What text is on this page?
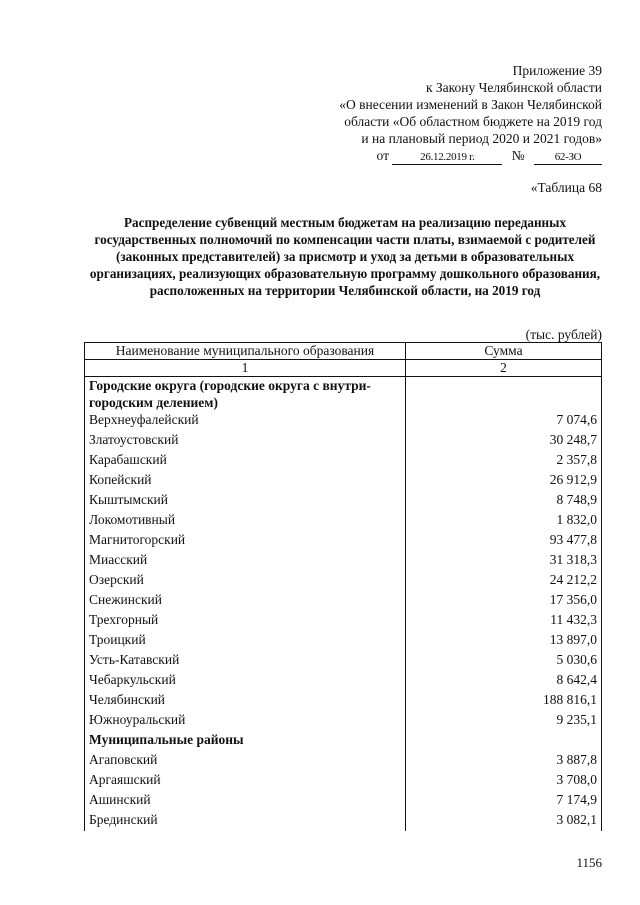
Приложение 39
к Закону Челябинской области
«О внесении изменений в Закон Челябинской
области «Об областном бюджете на 2019 год
и на плановый период 2020 и 2021 годов»
от	26.12.2019 г.	№	62-ЗО
«Таблица 68
Распределение субвенций местным бюджетам на реализацию переданных государственных полномочий по компенсации части платы, взимаемой с родителей (законных представителей) за присмотр и уход за детьми в образовательных организациях, реализующих образовательную программу дошкольного образования, расположенных на территории Челябинской области, на 2019 год
(тыс. рублей)
Наименование муниципального образования	Сумма
1	2
Городские округа (городские округа с внутри-городским делением)	
Верхнеуфалейский	7 074,6
Златоустовский	30 248,7
Карабашский	2 357,8
Копейский	26 912,9
Кыштымский	8 748,9
Локомотивный	1 832,0
Магнитогорский	93 477,8
Миасский	31 318,3
Озерский	24 212,2
Снежинский	17 356,0
Трехгорный	11 432,3
Троицкий	13 897,0
Усть-Катавский	5 030,6
Чебаркульский	8 642,4
Челябинский	188 816,1
Южноуральский	9 235,1
Муниципальные районы	
Агаповский	3 887,8
Аргаяшский	3 708,0
Ашинский	7 174,9
Брединский	3 082,1
1156
